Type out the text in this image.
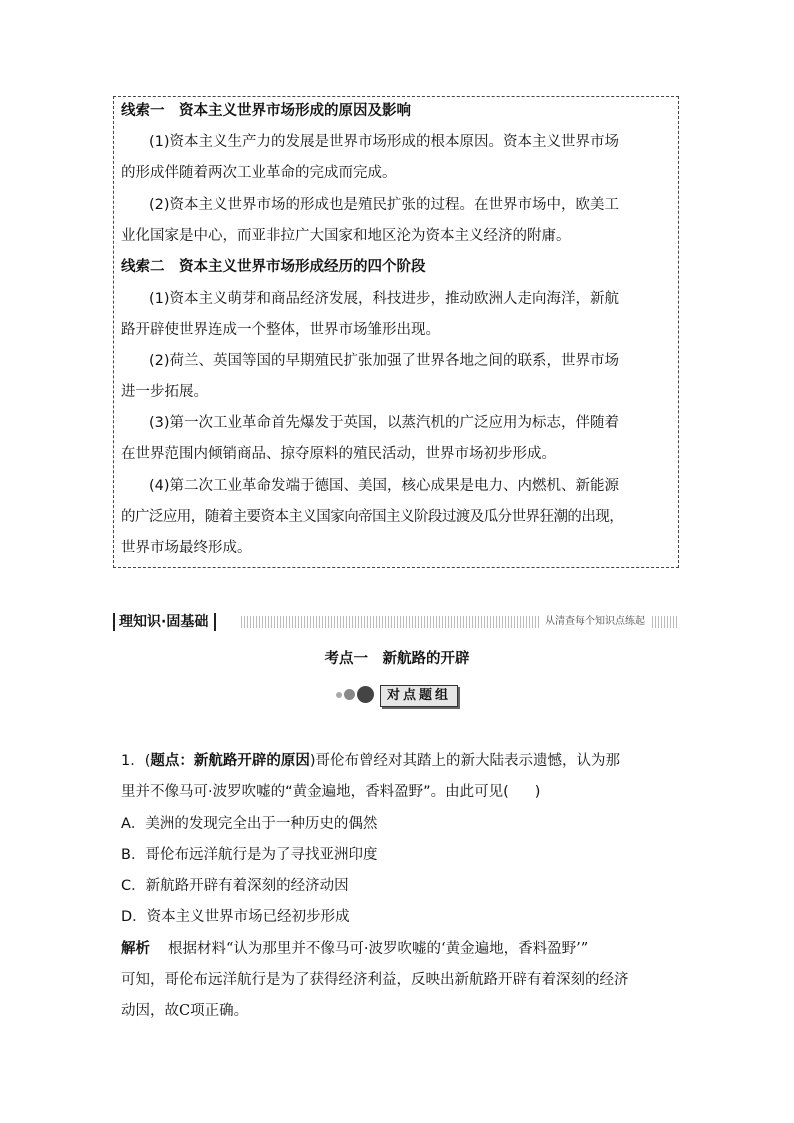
线索一　资本主义世界市场形成的原因及影响
(1)资本主义生产力的发展是世界市场形成的根本原因。资本主义世界市场
的形成伴随着两次工业革命的完成而完成。
(2)资本主义世界市场的形成也是殖民扩张的过程。在世界市场中，欧美工
业化国家是中心，而亚非拉广大国家和地区沦为资本主义经济的附庸。
线索二　资本主义世界市场形成经历的四个阶段
(1)资本主义萌芽和商品经济发展，科技进步，推动欧洲人走向海洋，新航
路开辟使世界连成一个整体，世界市场雏形出现。
(2)荷兰、英国等国的早期殖民扩张加强了世界各地之间的联系，世界市场
进一步拓展。
(3)第一次工业革命首先爆发于英国，以蒸汽机的广泛应用为标志，伴随着
在世界范围内倾销商品、掠夺原料的殖民活动，世界市场初步形成。
(4)第二次工业革命发端于德国、美国，核心成果是电力、内燃机、新能源
的广泛应用，随着主要资本主义国家向帝国主义阶段过渡及瓜分世界狂潮的出现，
世界市场最终形成。
理知识·固基础	从清查每个知识点练起
考点一　新航路的开辟
对点题组
1．(题点：新航路开辟的原因)哥伦布曾经对其踏上的新大陆表示遗憾，认为那
里并不像马可·波罗吹嘘的“黄金遍地，香料盈野”。由此可见( )
A．美洲的发现完全出于一种历史的偶然
B．哥伦布远洋航行是为了寻找亚洲印度
C．新航路开辟有着深刻的经济动因
D．资本主义世界市场已经初步形成
解析 根据材料“认为那里并不像马可·波罗吹嘘的‘黄金遍地，香料盈野’”
可知，哥伦布远洋航行是为了获得经济利益，反映出新航路开辟有着深刻的经济
动因，故C项正确。
